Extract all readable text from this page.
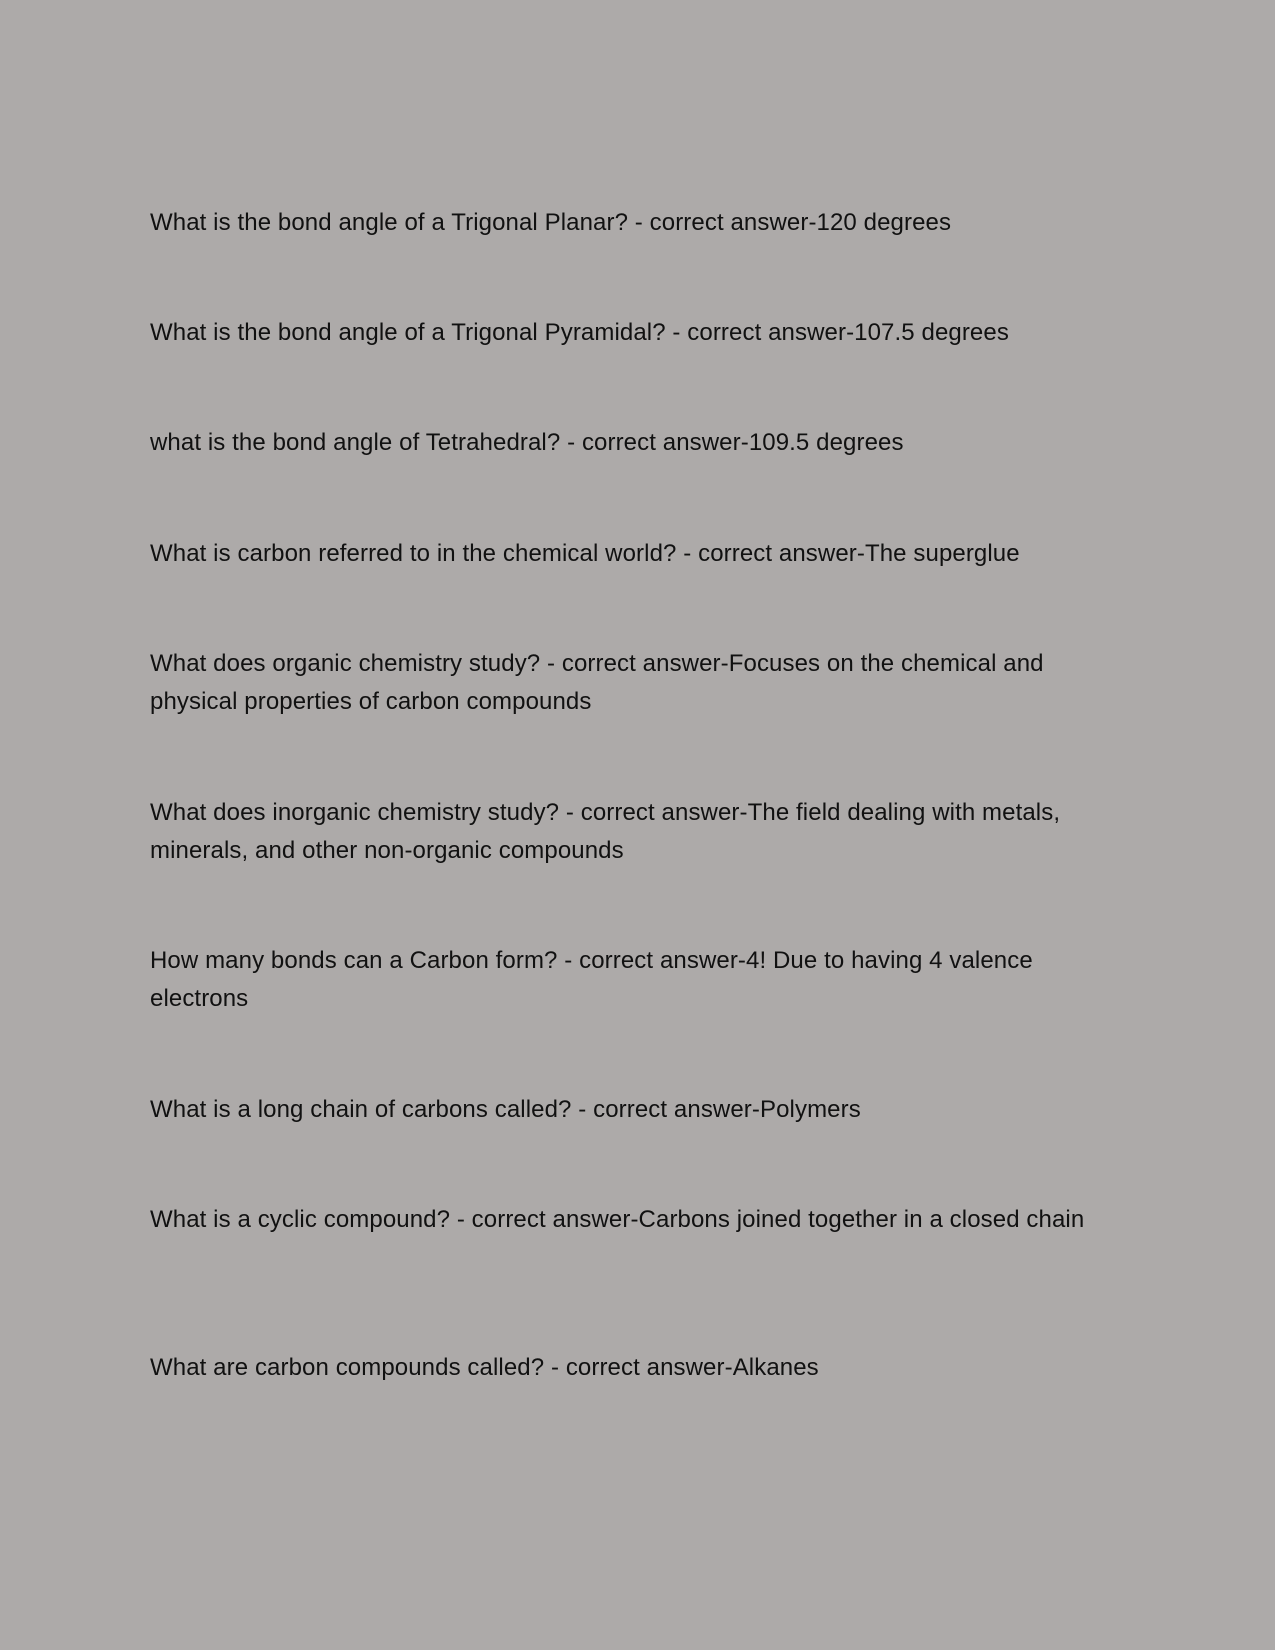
What is the bond angle of a Trigonal Planar? - correct answer-120 degrees

What is the bond angle of a Trigonal Pyramidal? - correct answer-107.5 degrees

what is the bond angle of Tetrahedral? - correct answer-109.5 degrees

What is carbon referred to in the chemical world? - correct answer-The superglue

What does organic chemistry study? - correct answer-Focuses on the chemical and physical properties of carbon compounds

What does inorganic chemistry study? - correct answer-The field dealing with metals, minerals, and other non-organic compounds

How many bonds can a Carbon form? - correct answer-4! Due to having 4 valence electrons

What is a long chain of carbons called? - correct answer-Polymers

What is a cyclic compound? - correct answer-Carbons joined together in a closed chain

What are carbon compounds called? - correct answer-Alkanes
